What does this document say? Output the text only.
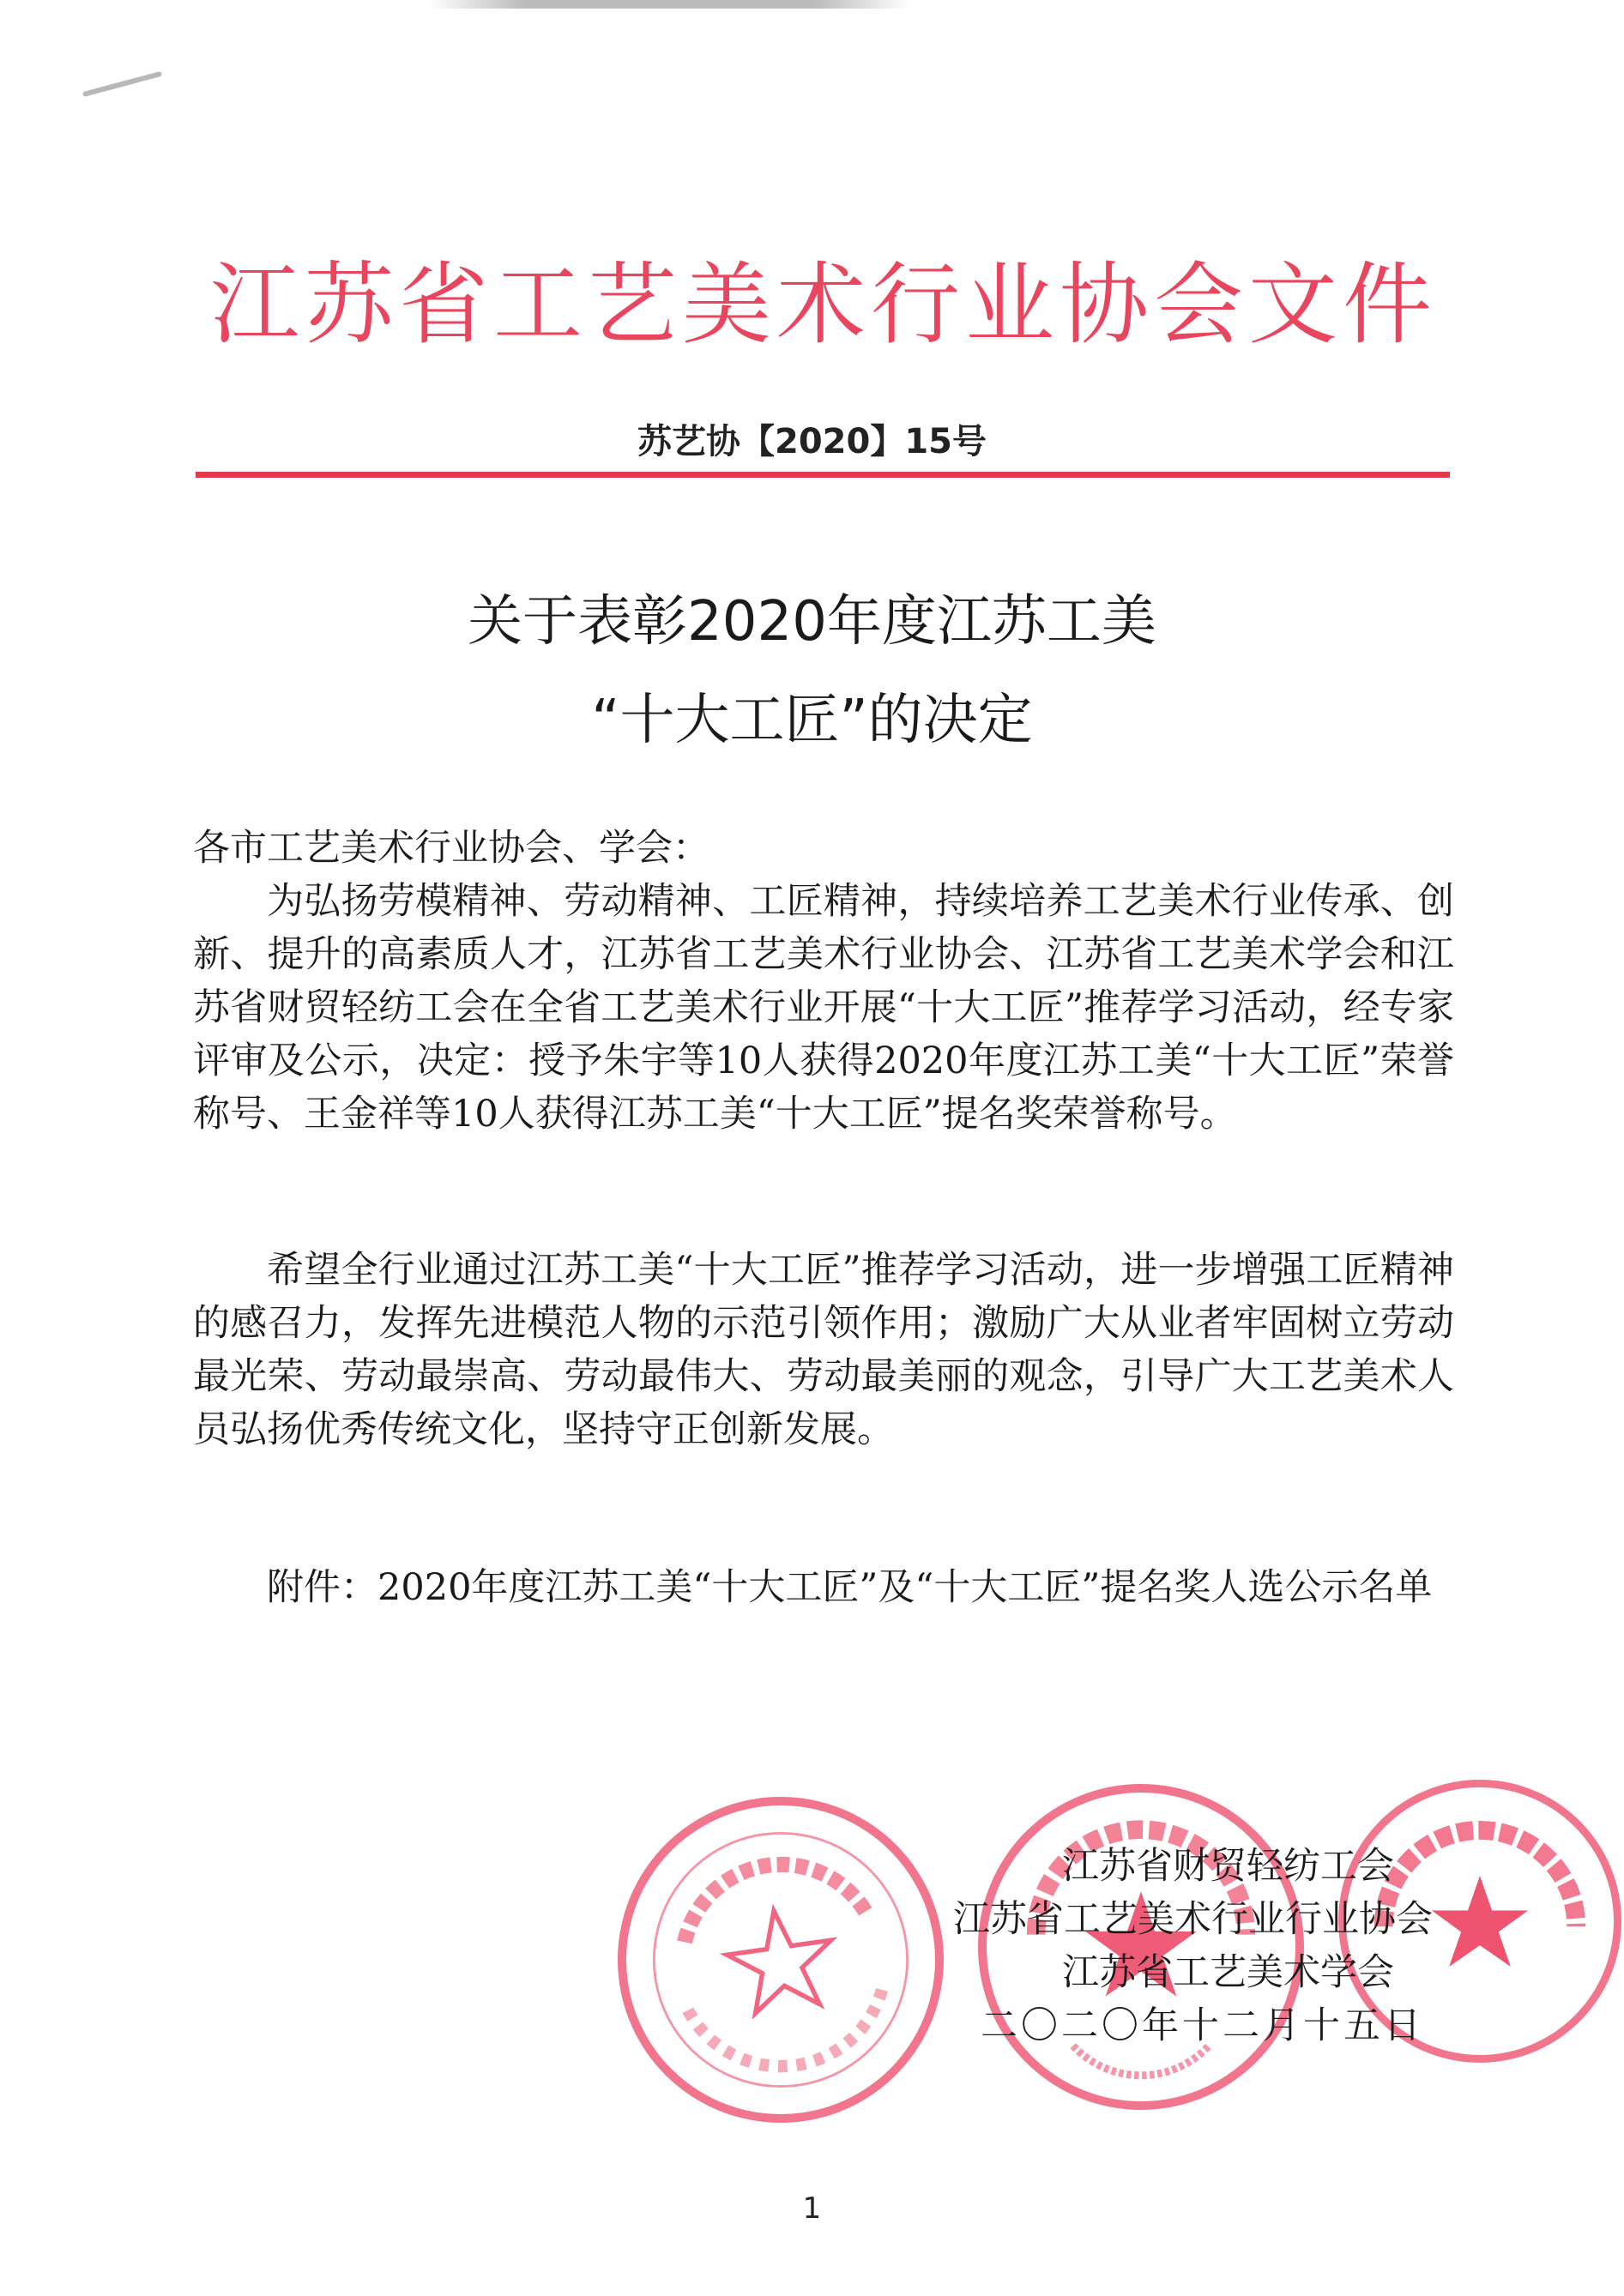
江苏省工艺美术行业协会文件
苏艺协【2020】15号
关于表彰2020年度江苏工美
“十大工匠”的决定
各市工艺美术行业协会、学会：
为弘扬劳模精神、劳动精神、工匠精神，持续培养工艺美术行业传承、创新、提升的高素质人才，江苏省工艺美术行业协会、江苏省工艺美术学会和江苏省财贸轻纺工会在全省工艺美术行业开展“十大工匠”推荐学习活动，经专家评审及公示，决定：授予朱宇等10人获得2020年度江苏工美“十大工匠”荣誉称号、王金祥等10人获得江苏工美“十大工匠”提名奖荣誉称号。
希望全行业通过江苏工美“十大工匠”推荐学习活动，进一步增强工匠精神的感召力，发挥先进模范人物的示范引领作用；激励广大从业者牢固树立劳动最光荣、劳动最崇高、劳动最伟大、劳动最美丽的观念，引导广大工艺美术人员弘扬优秀传统文化，坚持守正创新发展。
附件：2020年度江苏工美“十大工匠”及“十大工匠”提名奖人选公示名单
江苏省财贸轻纺工会
江苏省工艺美术行业行业协会
江苏省工艺美术学会
二〇二〇年十二月十五日
1
